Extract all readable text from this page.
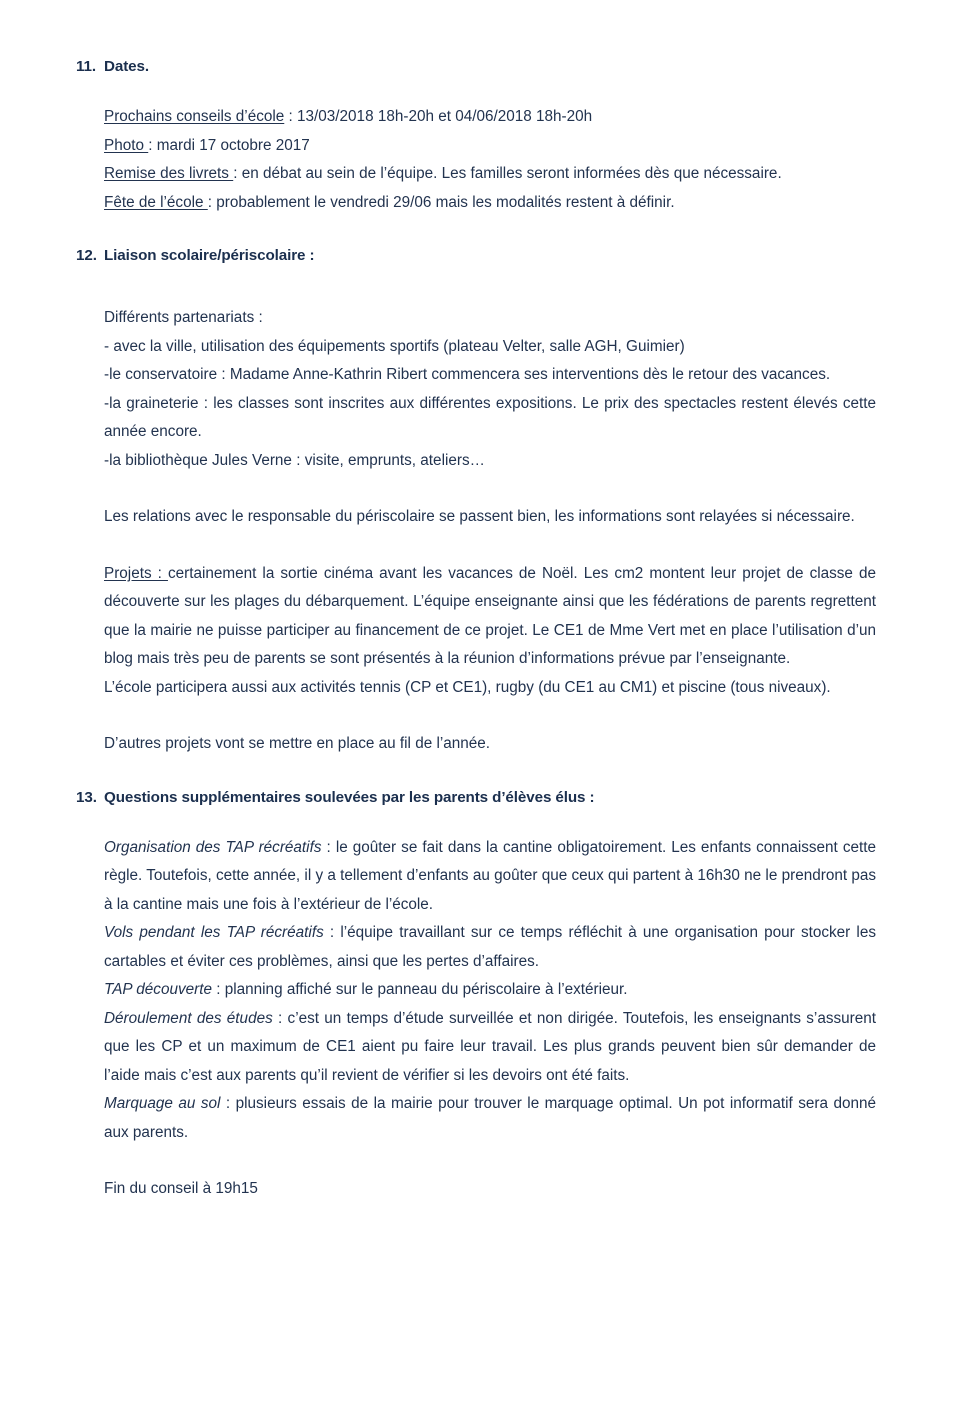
11. Dates.
Prochains conseils d’école : 13/03/2018 18h-20h et 04/06/2018 18h-20h
Photo : mardi 17 octobre 2017
Remise des livrets : en débat au sein de l’équipe. Les familles seront informées dès que nécessaire.
Fête de l’école : probablement le vendredi 29/06 mais les modalités restent à définir.
12. Liaison scolaire/périscolaire :
Différents partenariats :
- avec la ville, utilisation des équipements sportifs (plateau Velter, salle AGH, Guimier)
-le conservatoire : Madame Anne-Kathrin Ribert commencera ses interventions dès le retour des vacances.
-la graineterie : les classes sont inscrites aux différentes expositions. Le prix des spectacles restent élevés cette année encore.
-la bibliothèque Jules Verne : visite, emprunts, ateliers…
Les relations avec le responsable du périscolaire se passent bien, les informations sont relayées si nécessaire.
Projets : certainement la sortie cinéma avant les vacances de Noël. Les cm2 montent leur projet de classe de découverte sur les plages du débarquement. L’équipe enseignante ainsi que les fédérations de parents regrettent que la mairie ne puisse participer au financement de ce projet. Le CE1 de Mme Vert met en place l’utilisation d’un blog mais très peu de parents se sont présentés à la réunion d’informations prévue par l’enseignante.
L’école participera aussi aux activités tennis (CP et CE1), rugby (du CE1 au CM1) et piscine (tous niveaux).
D’autres projets vont se mettre en place au fil de l’année.
13. Questions supplémentaires soulevées par les parents d’élèves élus :
Organisation des TAP récréatifs : le goûter se fait dans la cantine obligatoirement. Les enfants connaissent cette règle. Toutefois, cette année, il y a tellement d’enfants au goûter que ceux qui partent à 16h30 ne le prendront pas à la cantine mais une fois à l’extérieur de l’école.
Vols pendant les TAP récréatifs : l’équipe travaillant sur ce temps réfléchit à une organisation pour stocker les cartables et éviter ces problèmes, ainsi que les pertes d’affaires.
TAP découverte : planning affiché sur le panneau du périscolaire à l’extérieur.
Déroulement des études : c’est un temps d’étude surveillée et non dirigée. Toutefois, les enseignants s’assurent que les CP et un maximum de CE1 aient pu faire leur travail. Les plus grands peuvent bien sûr demander de l’aide mais c’est aux parents qu’il revient de vérifier si les devoirs ont été faits.
Marquage au sol : plusieurs essais de la mairie pour trouver le marquage optimal. Un pot informatif sera donné aux parents.
Fin du conseil à 19h15
